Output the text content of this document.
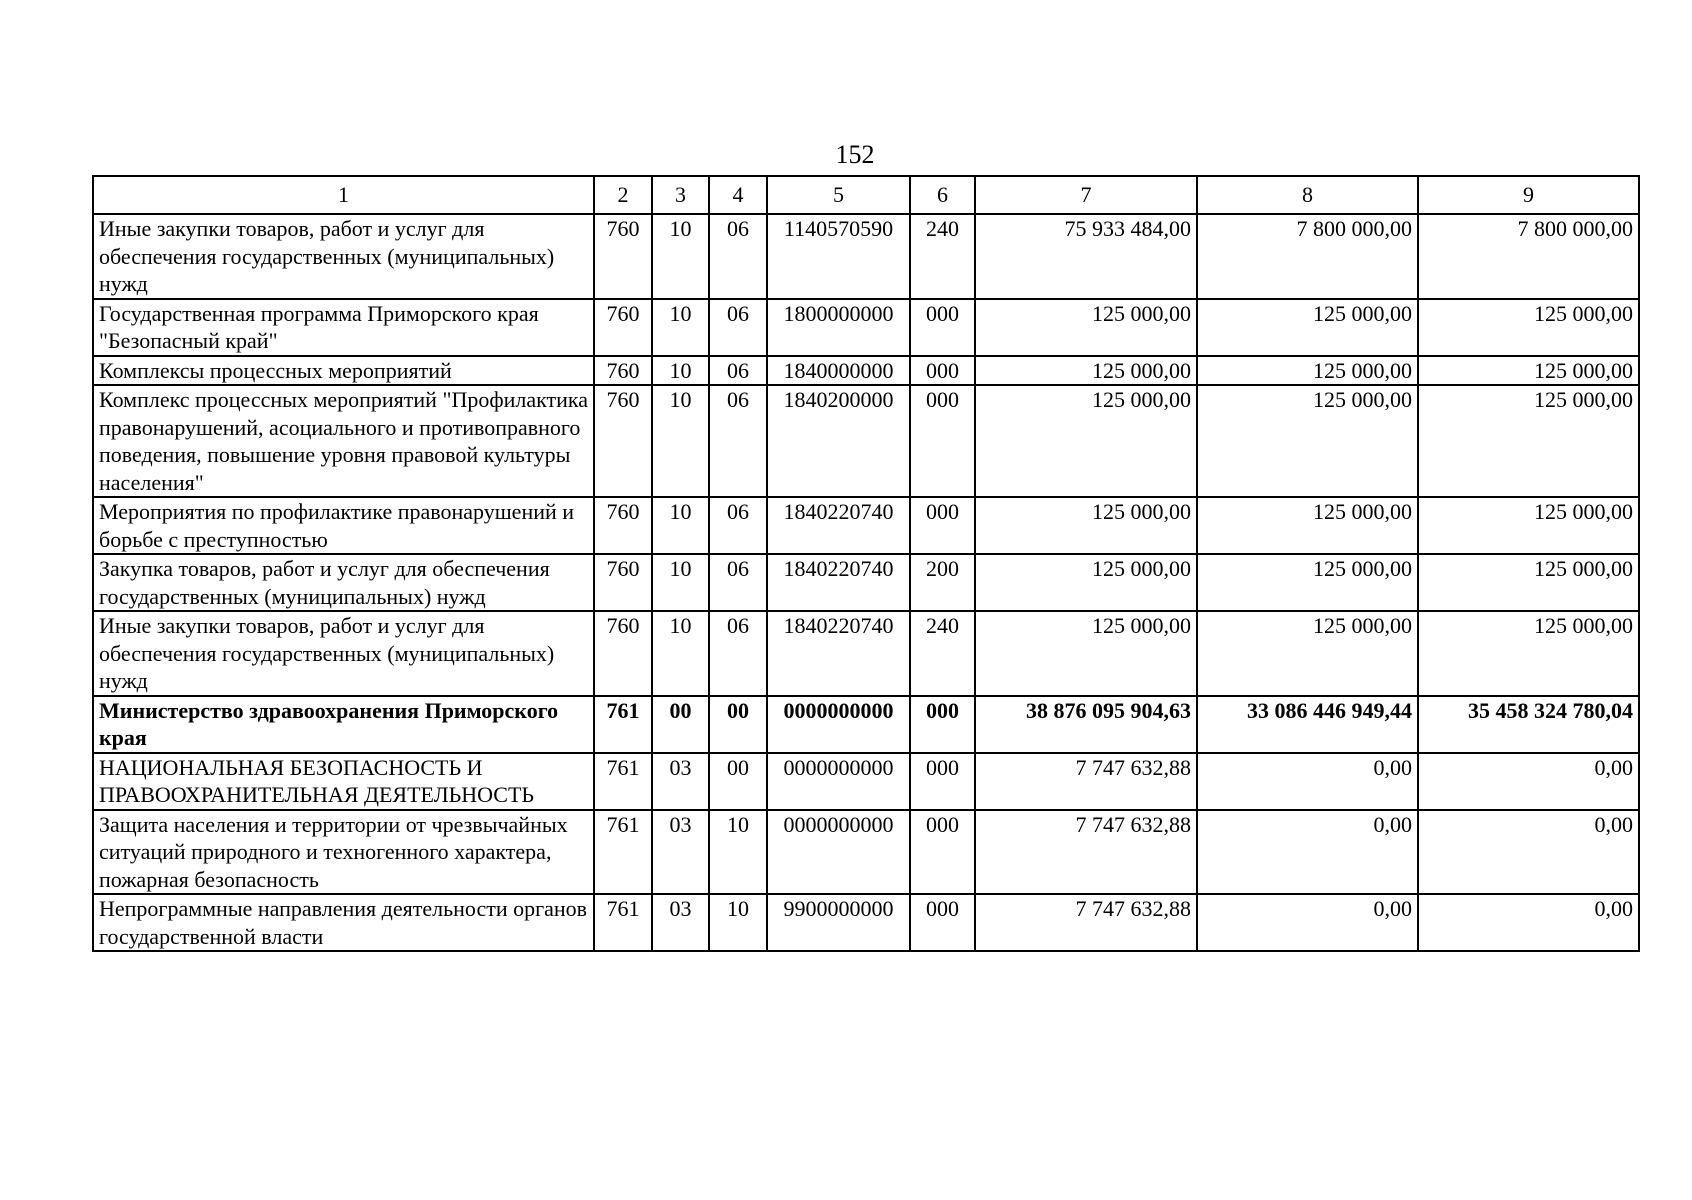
152
1	2	3	4	5	6	7	8	9
Иные закупки товаров, работ и услуг для обеспечения государственных (муниципальных) нужд	760	10	06	1140570590	240	75 933 484,00	7 800 000,00	7 800 000,00
Государственная программа Приморского края "Безопасный край"	760	10	06	1800000000	000	125 000,00	125 000,00	125 000,00
Комплексы процессных мероприятий	760	10	06	1840000000	000	125 000,00	125 000,00	125 000,00
Комплекс процессных мероприятий "Профилактика правонарушений, асоциального и противоправного поведения, повышение уровня правовой культуры населения"	760	10	06	1840200000	000	125 000,00	125 000,00	125 000,00
Мероприятия по профилактике правонарушений и борьбе с преступностью	760	10	06	1840220740	000	125 000,00	125 000,00	125 000,00
Закупка товаров, работ и услуг для обеспечения государственных (муниципальных) нужд	760	10	06	1840220740	200	125 000,00	125 000,00	125 000,00
Иные закупки товаров, работ и услуг для обеспечения государственных (муниципальных) нужд	760	10	06	1840220740	240	125 000,00	125 000,00	125 000,00
Министерство здравоохранения Приморского края	761	00	00	0000000000	000	38 876 095 904,63	33 086 446 949,44	35 458 324 780,04
НАЦИОНАЛЬНАЯ БЕЗОПАСНОСТЬ И ПРАВООХРАНИТЕЛЬНАЯ ДЕЯТЕЛЬНОСТЬ	761	03	00	0000000000	000	7 747 632,88	0,00	0,00
Защита населения и территории от чрезвычайных ситуаций природного и техногенного характера, пожарная безопасность	761	03	10	0000000000	000	7 747 632,88	0,00	0,00
Непрограммные направления деятельности органов государственной власти	761	03	10	9900000000	000	7 747 632,88	0,00	0,00
